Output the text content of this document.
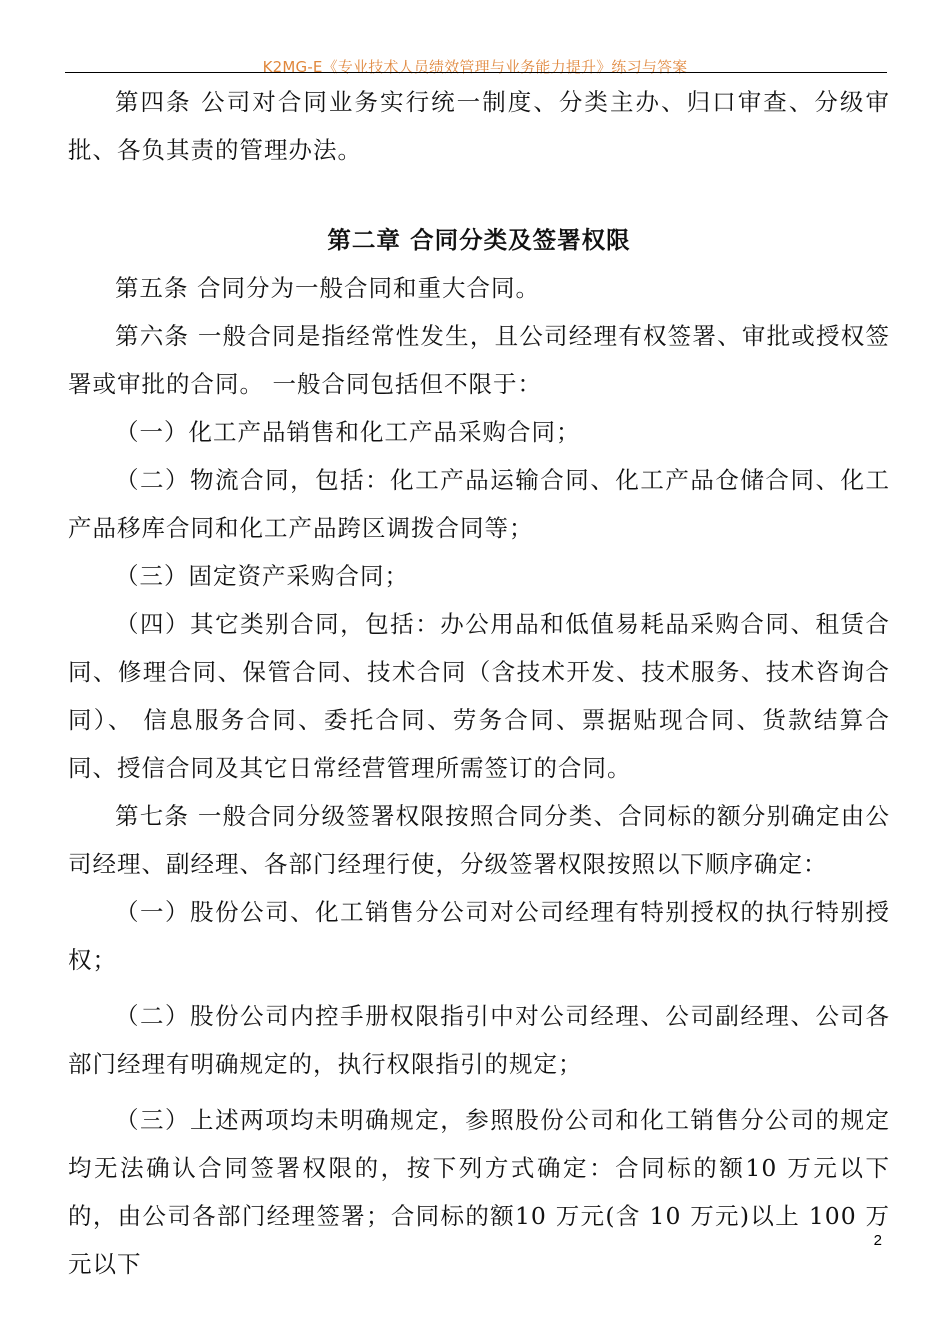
K2MG-E《专业技术人员绩效管理与业务能力提升》练习与答案

第四条 公司对合同业务实行统一制度、分类主办、归口审查、分级审批、各负其责的管理办法。

第二章 合同分类及签署权限

第五条 合同分为一般合同和重大合同。

第六条 一般合同是指经常性发生，且公司经理有权签署、审批或授权签署或审批的合同。 一般合同包括但不限于：

（一）化工产品销售和化工产品采购合同；

（二）物流合同，包括：化工产品运输合同、化工产品仓储合同、化工产品移库合同和化工产品跨区调拨合同等；

（三）固定资产采购合同；

（四）其它类别合同，包括：办公用品和低值易耗品采购合同、租赁合同、修理合同、保管合同、技术合同（含技术开发、技术服务、技术咨询合同）、 信息服务合同、委托合同、劳务合同、票据贴现合同、货款结算合同、授信合同及其它日常经营管理所需签订的合同。

第七条 一般合同分级签署权限按照合同分类、合同标的额分别确定由公司经理、副经理、各部门经理行使，分级签署权限按照以下顺序确定：

（一）股份公司、化工销售分公司对公司经理有特别授权的执行特别授权；

（二）股份公司内控手册权限指引中对公司经理、公司副经理、公司各部门经理有明确规定的，执行权限指引的规定；

（三）上述两项均未明确规定，参照股份公司和化工销售分公司的规定均无法确认合同签署权限的，按下列方式确定：合同标的额10 万元以下的，由公司各部门经理签署；合同标的额10 万元(含 10 万元)以上 100 万元以下

2
